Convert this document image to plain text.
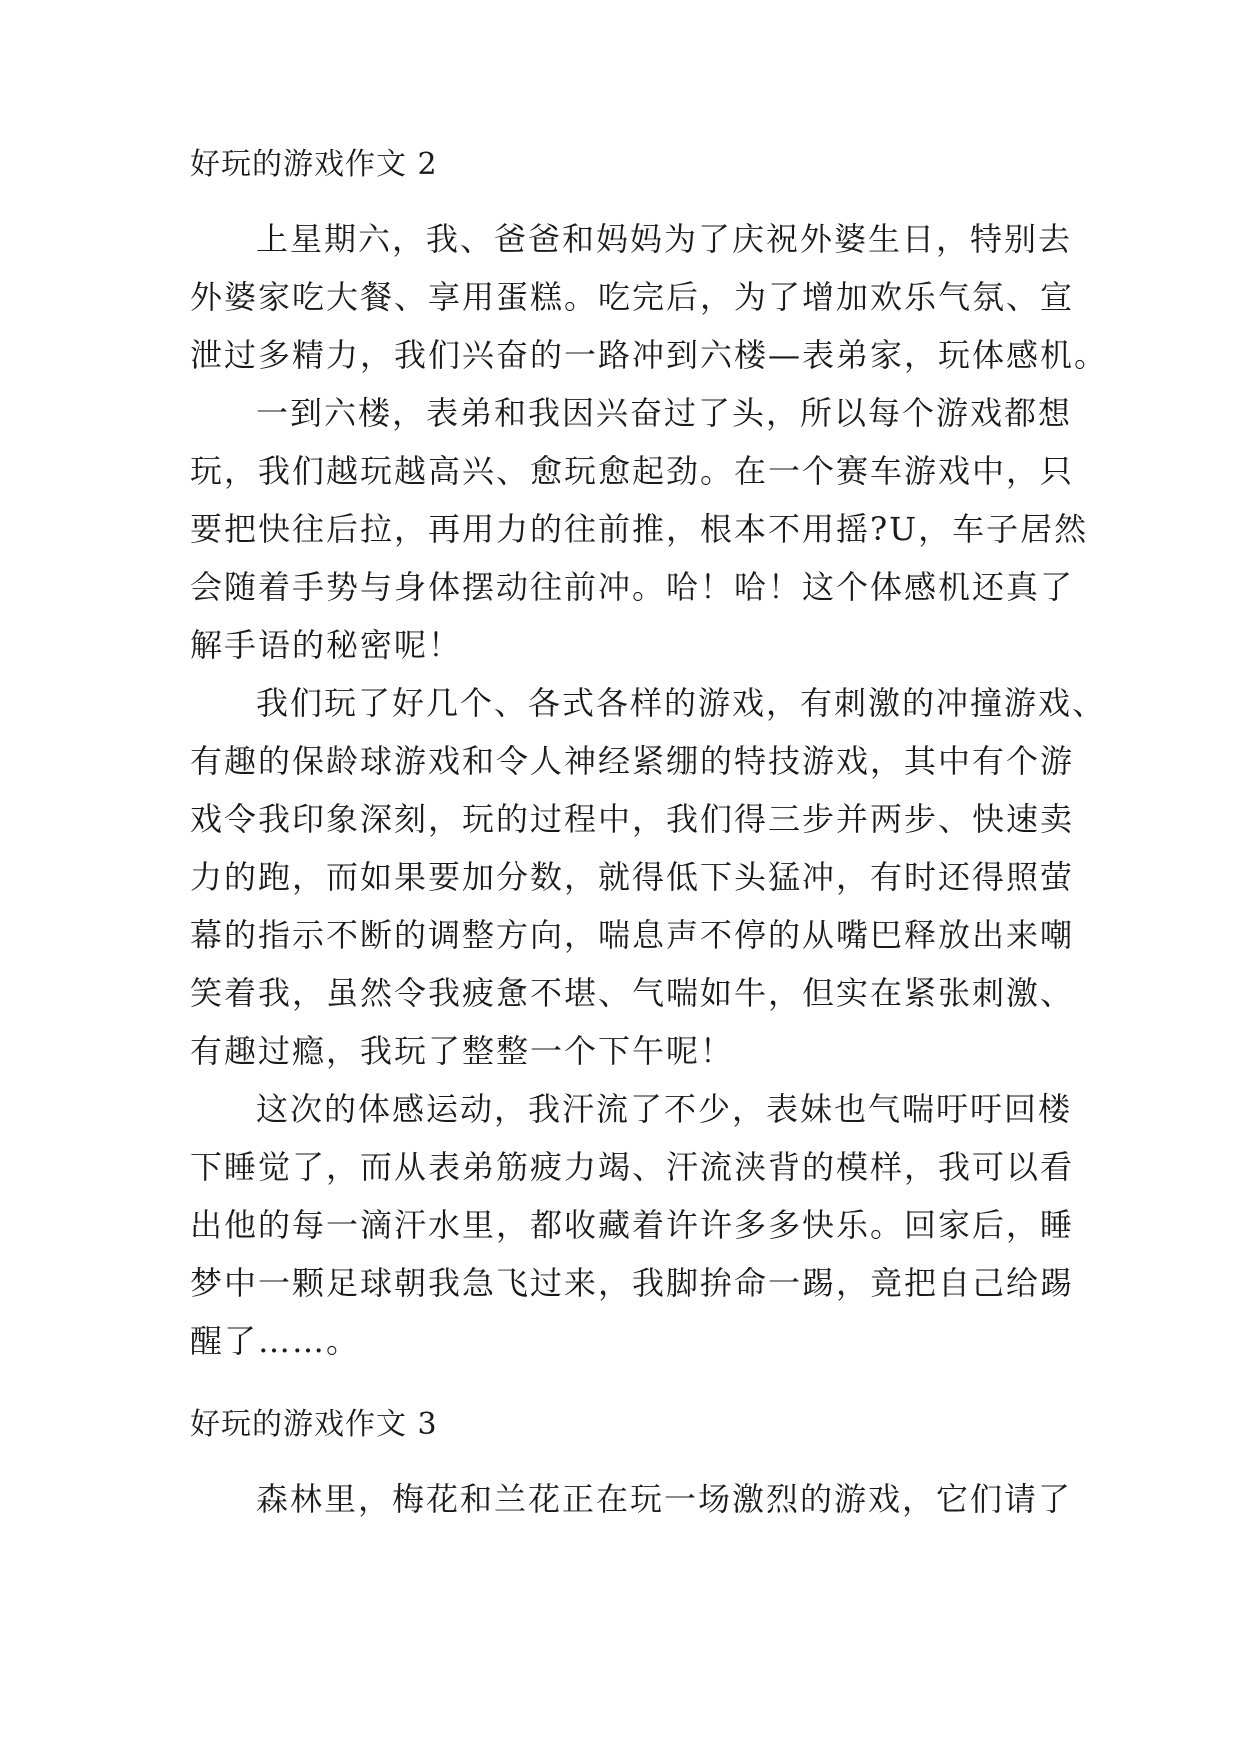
好玩的游戏作文 2

上星期六，我、爸爸和妈妈为了庆祝外婆生日，特别去

外婆家吃大餐、享用蛋糕。吃完后，为了增加欢乐气氛、宣

泄过多精力，我们兴奋的一路冲到六楼—表弟家，玩体感机。

一到六楼，表弟和我因兴奋过了头，所以每个游戏都想

玩，我们越玩越高兴、愈玩愈起劲。在一个赛车游戏中，只

要把快往后拉，再用力的往前推，根本不用摇?U，车子居然

会随着手势与身体摆动往前冲。哈！哈！这个体感机还真了

解手语的秘密呢！

我们玩了好几个、各式各样的游戏，有刺激的冲撞游戏、

有趣的保龄球游戏和令人神经紧绷的特技游戏，其中有个游

戏令我印象深刻，玩的过程中，我们得三步并两步、快速卖

力的跑，而如果要加分数，就得低下头猛冲，有时还得照萤

幕的指示不断的调整方向，喘息声不停的从嘴巴释放出来嘲

笑着我，虽然令我疲惫不堪、气喘如牛，但实在紧张刺激、

有趣过瘾，我玩了整整一个下午呢！

这次的体感运动，我汗流了不少，表妹也气喘吁吁回楼

下睡觉了，而从表弟筋疲力竭、汗流浃背的模样，我可以看

出他的每一滴汗水里，都收藏着许许多多快乐。回家后，睡

梦中一颗足球朝我急飞过来，我脚拚命一踢，竟把自己给踢

醒了……。

好玩的游戏作文 3

森林里，梅花和兰花正在玩一场激烈的游戏，它们请了
